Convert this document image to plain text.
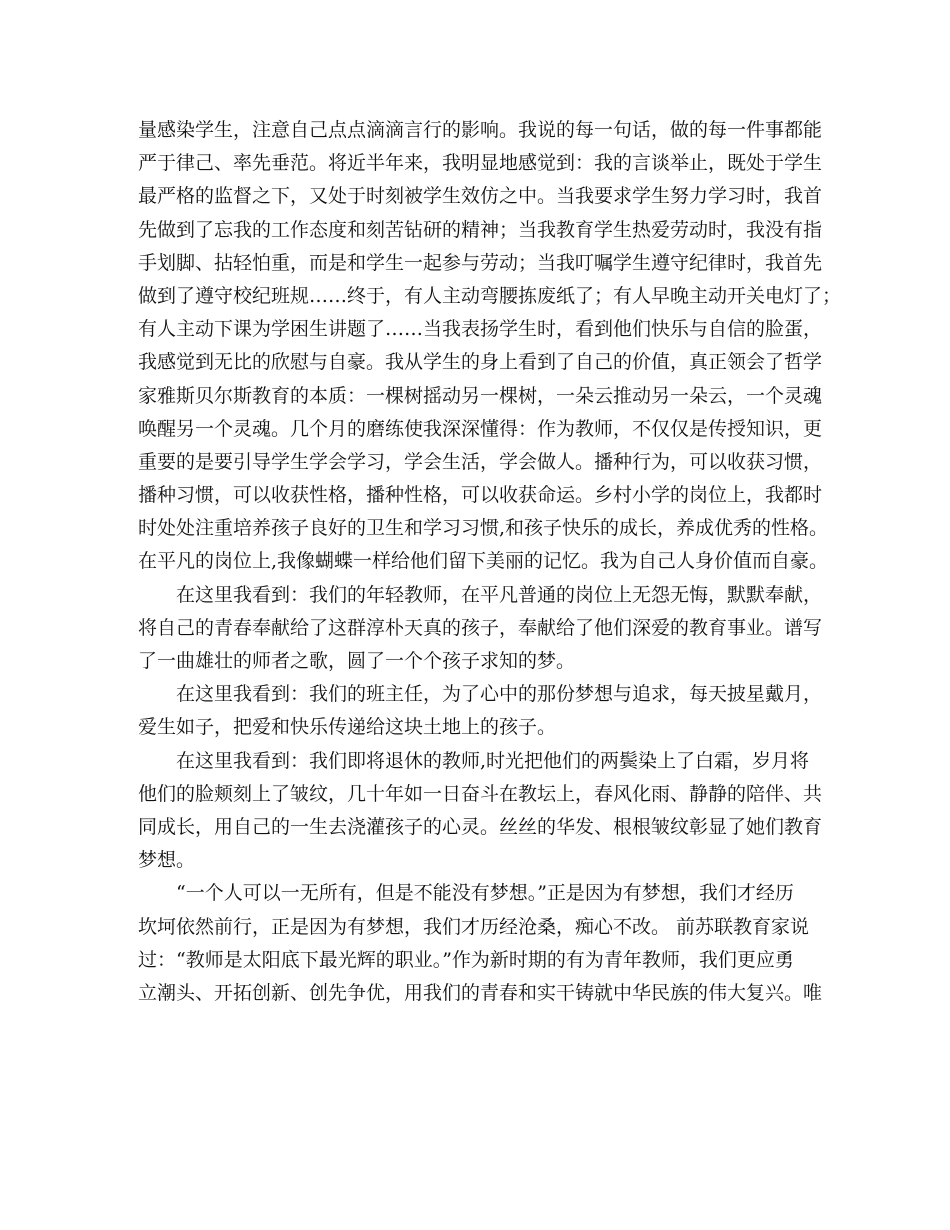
量感染学生，注意自己点点滴滴言行的影响。我说的每一句话，做的每一件事都能
严于律己、率先垂范。将近半年来，我明显地感觉到：我的言谈举止，既处于学生
最严格的监督之下，又处于时刻被学生效仿之中。当我要求学生努力学习时，我首
先做到了忘我的工作态度和刻苦钻研的精神；当我教育学生热爱劳动时，我没有指
手划脚、拈轻怕重，而是和学生一起参与劳动；当我叮嘱学生遵守纪律时，我首先
做到了遵守校纪班规……终于，有人主动弯腰拣废纸了；有人早晚主动开关电灯了；
有人主动下课为学困生讲题了……当我表扬学生时，看到他们快乐与自信的脸蛋，
我感觉到无比的欣慰与自豪。我从学生的身上看到了自己的价值，真正领会了哲学
家雅斯贝尔斯教育的本质：一棵树摇动另一棵树，一朵云推动另一朵云，一个灵魂
唤醒另一个灵魂。几个月的磨练使我深深懂得：作为教师，不仅仅是传授知识，更
重要的是要引导学生学会学习，学会生活，学会做人。播种行为，可以收获习惯，
播种习惯，可以收获性格，播种性格，可以收获命运。乡村小学的岗位上，我都时
时处处注重培养孩子良好的卫生和学习习惯,和孩子快乐的成长，养成优秀的性格。
在平凡的岗位上,我像蝴蝶一样给他们留下美丽的记忆。我为自己人身价值而自豪。
在这里我看到：我们的年轻教师，在平凡普通的岗位上无怨无悔，默默奉献，
将自己的青春奉献给了这群淳朴天真的孩子，奉献给了他们深爱的教育事业。谱写
了一曲雄壮的师者之歌，圆了一个个孩子求知的梦。
在这里我看到：我们的班主任，为了心中的那份梦想与追求，每天披星戴月，
爱生如子，把爱和快乐传递给这块土地上的孩子。
在这里我看到：我们即将退休的教师,时光把他们的两鬓染上了白霜，岁月将
他们的脸颊刻上了皱纹，几十年如一日奋斗在教坛上，春风化雨、静静的陪伴、共
同成长，用自己的一生去浇灌孩子的心灵。丝丝的华发、根根皱纹彰显了她们教育
梦想。
“一个人可以一无所有，但是不能没有梦想。”正是因为有梦想，我们才经历
坎坷依然前行，正是因为有梦想，我们才历经沧桑，痴心不改。 前苏联教育家说
过：“教师是太阳底下最光辉的职业。”作为新时期的有为青年教师，我们更应勇
立潮头、开拓创新、创先争优，用我们的青春和实干铸就中华民族的伟大复兴。唯
